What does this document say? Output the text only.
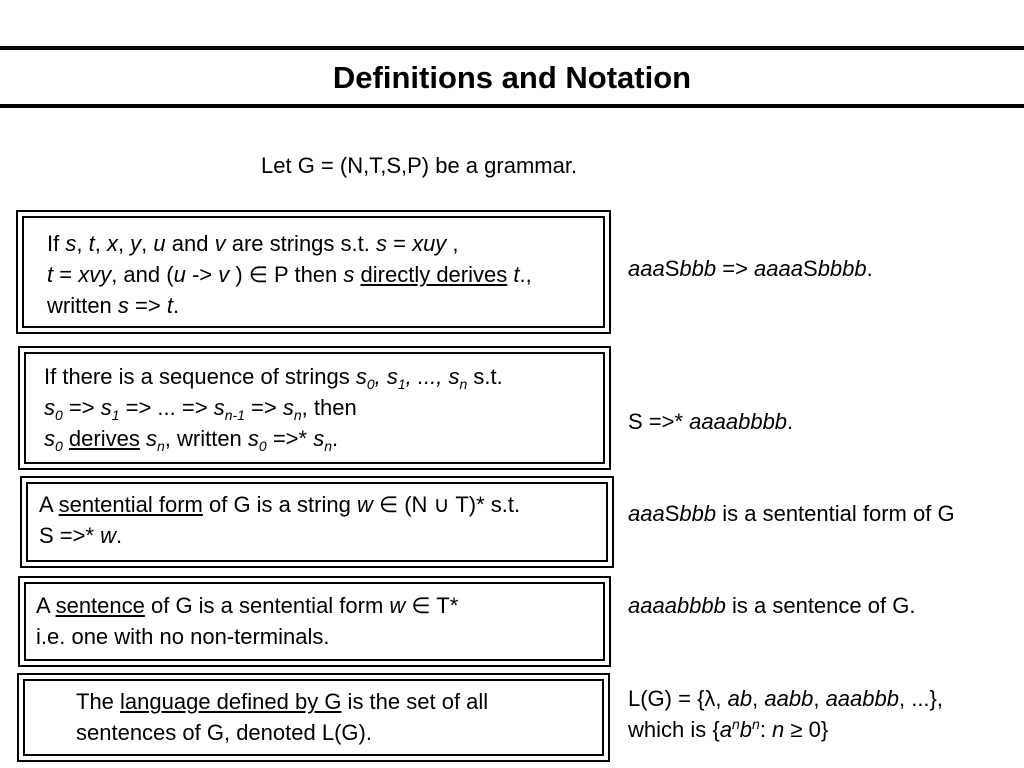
Definitions and Notation
Let G = (N,T,S,P) be a grammar.
If s, t, x, y, u and v are strings s.t. s = xuy ,
t = xvy, and (u -> v ) ∈ P then s directly derives t.,
written s => t.
If there is a sequence of strings $s_0$, $s_1$, ..., $s_n$ s.t.
$s_0 => s_1$ => ... => $s_{n-1} => s_n$, then
$s_0$ derives $s_n$, written $s_0$ =>* $s_n$.
A sentential form of G is a string w ∈ (N ∪ T)* s.t.
S =>* w.
A sentence of G is a sentential form w ∈ T*
i.e. one with no non-terminals.
The language defined by G is the set of all
sentences of G, denoted L(G).
aaaSbbb => aaaaSbbbb.
S =>* aaaabbbb.
aaaSbbb is a sentential form of G
aaaabbbb is a sentence of G.
L(G) = {λ, ab, aabb, aaabbb, ...},
which is {$a^nb^n$: n ≥ 0}
